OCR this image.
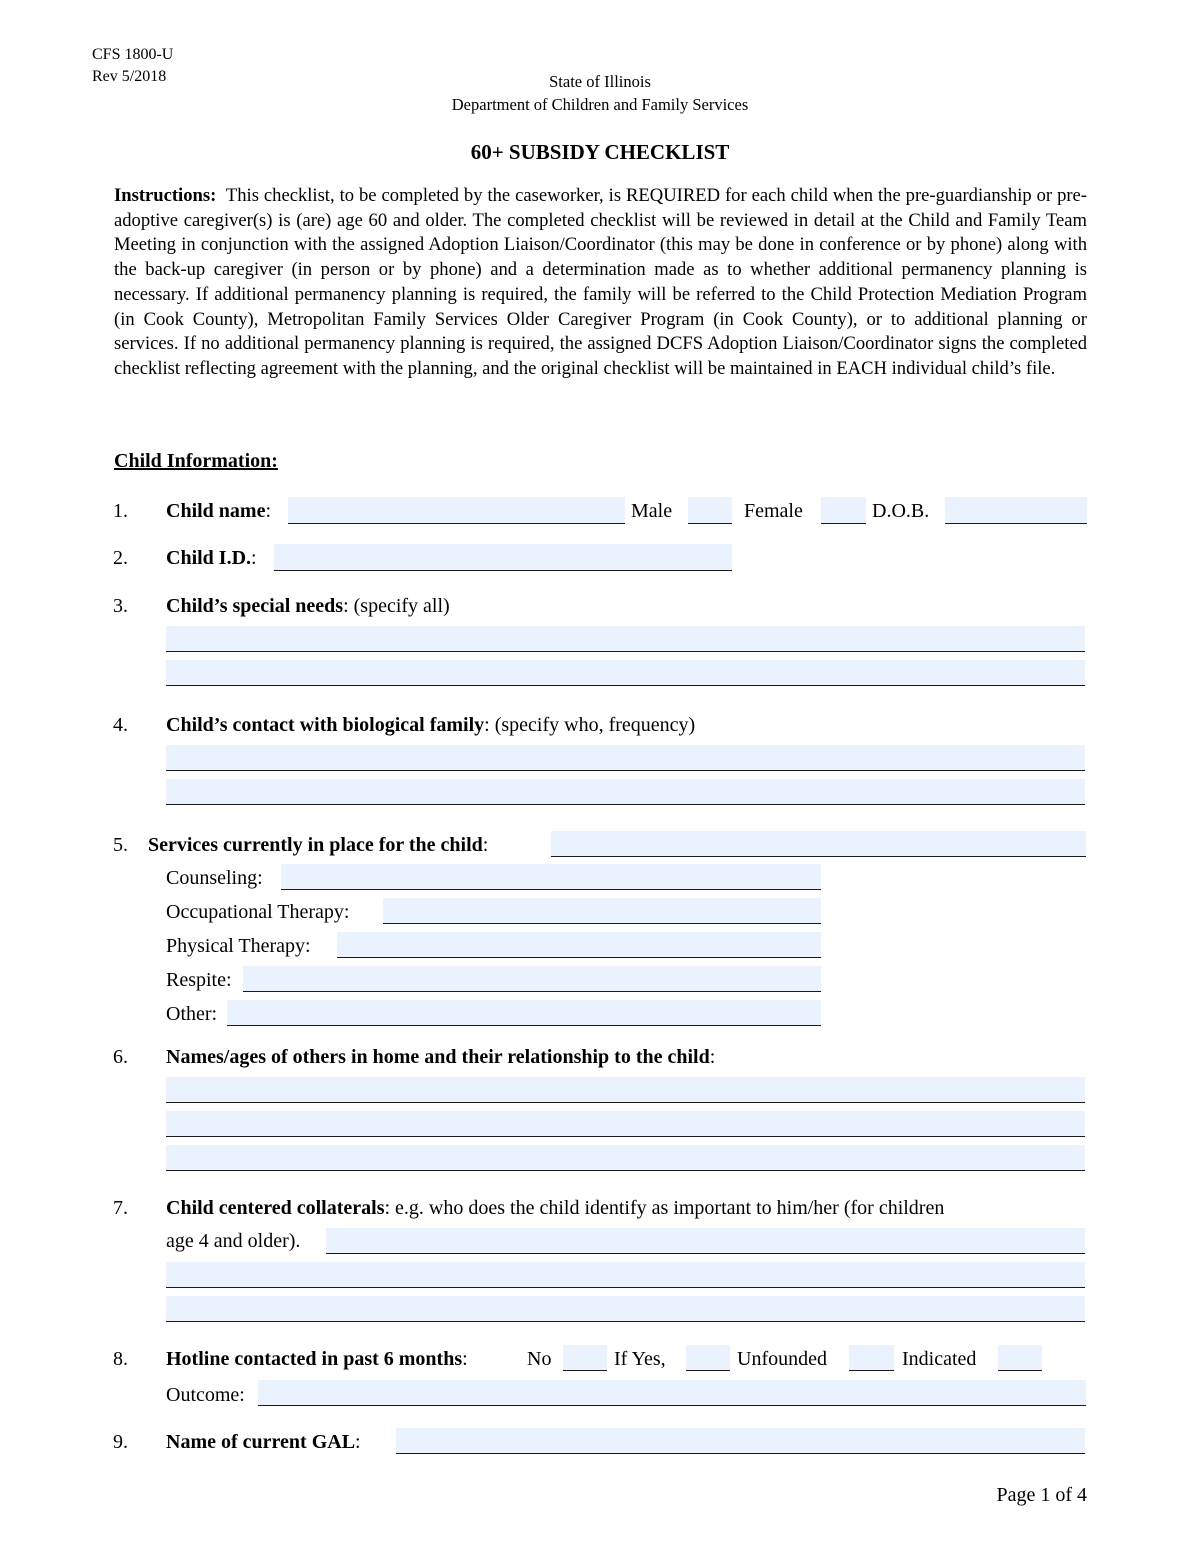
CFS 1800-U
Rev 5/2018	State of Illinois
Department of Children and Family Services
60+ SUBSIDY CHECKLIST
Instructions: This checklist, to be completed by the caseworker, is REQUIRED for each child when the pre-guardianship or pre-adoptive caregiver(s) is (are) age 60 and older. The completed checklist will be reviewed in detail at the Child and Family Team Meeting in conjunction with the assigned Adoption Liaison/Coordinator (this may be done in conference or by phone) along with the back-up caregiver (in person or by phone) and a determination made as to whether additional permanency planning is necessary. If additional permanency planning is required, the family will be referred to the Child Protection Mediation Program (in Cook County), Metropolitan Family Services Older Caregiver Program (in Cook County), or to additional planning or services. If no additional permanency planning is required, the assigned DCFS Adoption Liaison/Coordinator signs the completed checklist reflecting agreement with the planning, and the original checklist will be maintained in EACH individual child’s file.
Child Information:
1. Child name:	Male	Female	D.O.B.
2. Child I.D.:
3. Child’s special needs: (specify all)
4. Child’s contact with biological family: (specify who, frequency)
5. Services currently in place for the child:
Counseling:
Occupational Therapy:
Physical Therapy:
Respite:
Other:
6. Names/ages of others in home and their relationship to the child:
7. Child centered collaterals: e.g. who does the child identify as important to him/her (for children
age 4 and older).
8. Hotline contacted in past 6 months:	No	If Yes,	Unfounded	Indicated
Outcome:
9. Name of current GAL:
Page 1 of 4
